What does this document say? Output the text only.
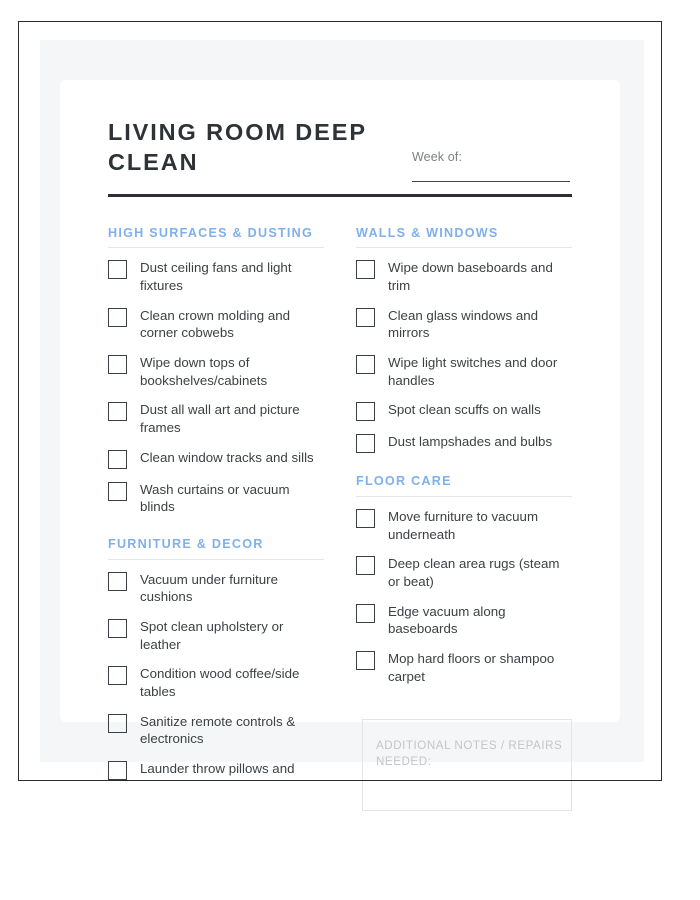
LIVING ROOM DEEP CLEAN	Week of:
HIGH SURFACES & DUSTING
Dust ceiling fans and light fixtures
Clean crown molding and corner cobwebs
Wipe down tops of bookshelves/cabinets
Dust all wall art and picture frames
Clean window tracks and sills
Wash curtains or vacuum blinds
FURNITURE & DECOR
Vacuum under furniture cushions
Spot clean upholstery or leather
Condition wood coffee/side tables
Sanitize remote controls & electronics
Launder throw pillows and
WALLS & WINDOWS
Wipe down baseboards and trim
Clean glass windows and mirrors
Wipe light switches and door handles
Spot clean scuffs on walls
Dust lampshades and bulbs
FLOOR CARE
Move furniture to vacuum underneath
Deep clean area rugs (steam or beat)
Edge vacuum along baseboards
Mop hard floors or shampoo carpet
ADDITIONAL NOTES / REPAIRS NEEDED:
